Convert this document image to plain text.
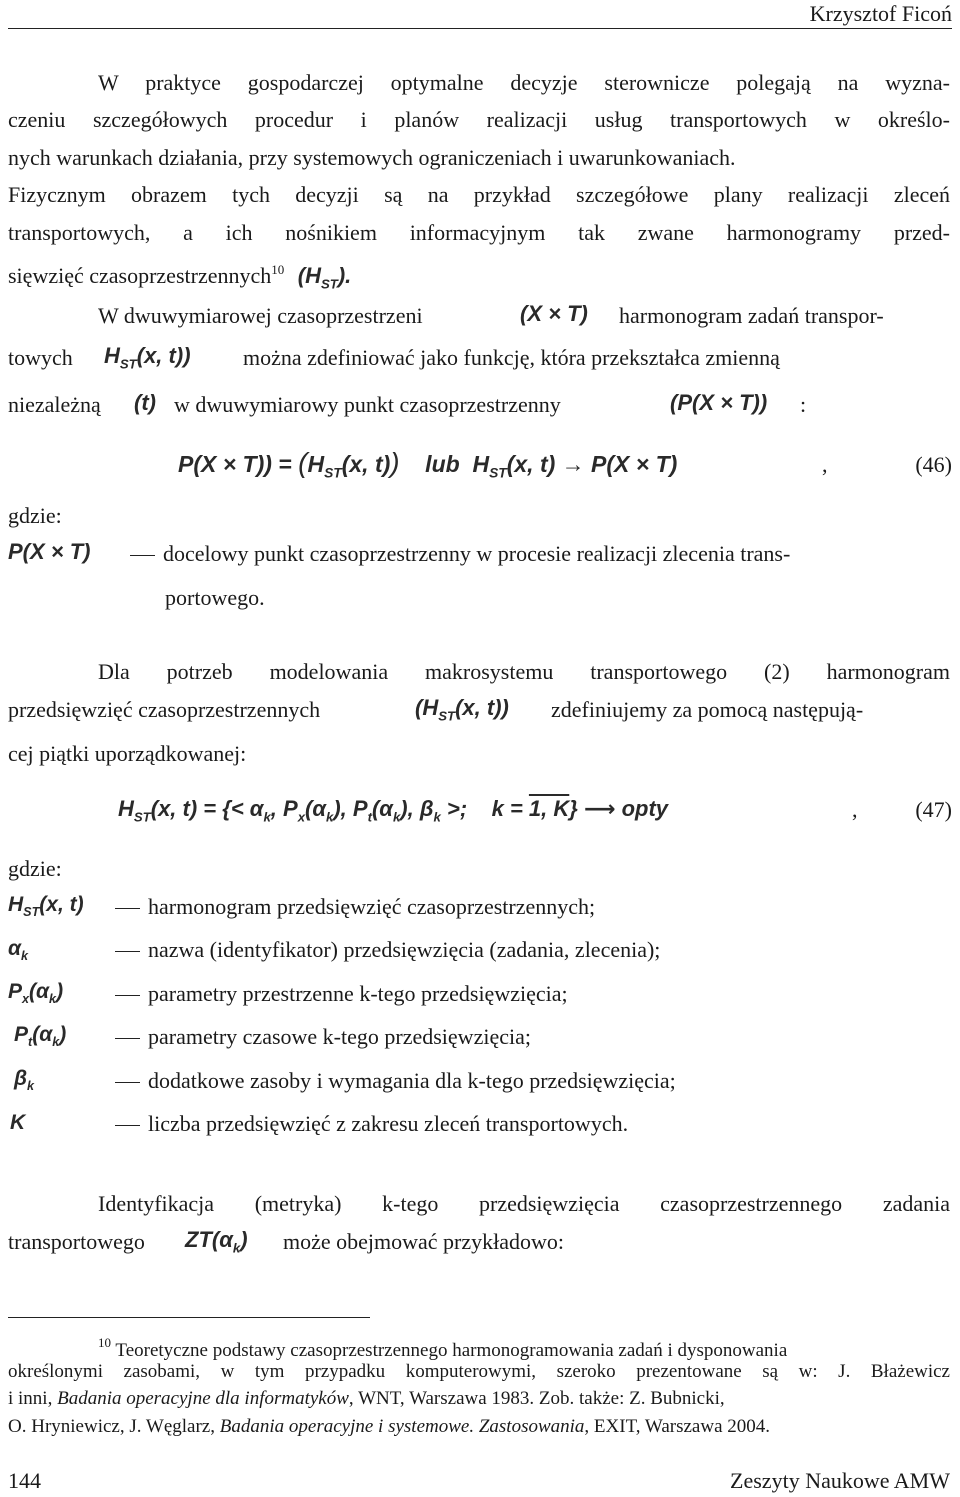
Krzysztof Ficoń
W praktyce gospodarczej optymalne decyzje sterownicze polegają na wyzna-
czeniu szczegółowych procedur i planów realizacji usług transportowych w określo-
nych warunkach działania, przy systemowych ograniczeniach i uwarunkowaniach.
Fizycznym obrazem tych decyzji są na przykład szczegółowe plany realizacji zleceń
transportowych, a ich nośnikiem informacyjnym tak zwane harmonogramy przed-
sięwzięć czasoprzestrzennych$^{10}$ $(H_{ST})$.
W dwuwymiarowej czasoprzestrzeni	(X × T) harmonogram zadań transpor-
towych $H_{ST}(x$, t)) można zdefiniować jako funkcję, która przekształca zmienną
niezależną (t) w dwuwymiarowy punkt czasoprzestrzenny	(P(X × T)) :
$P(X \times T)) = (H_{ST}(x$, t))    lub  $H_{ST}(x$, t) → P(X × T)	,	(46)
gdzie:
P(X × T)	docelowy punkt czasoprzestrzenny w procesie realizacji zlecenia trans-
portowego.
Dla potrzeb modelowania makrosystemu transportowego (2) harmonogram
przedsięwzięć czasoprzestrzennych	($H_{ST}(x$, t)) zdefiniujemy za pomocą następują-
cej piątki uporządkowanej:
$H_{ST}(x$, t) = {< $\alpha_k$, $P_x(\alpha_k)$, $P_t(\alpha_k)$, $\beta_k$ >;    k = 1, K} ⟶ opty	,	(47)
gdzie:
$H_{ST}(x$, t)	harmonogram przedsięwzięć czasoprzestrzennych;
$\alpha_k$	nazwa (identyfikator) przedsięwzięcia (zadania, zlecenia);
$P_x(\alpha_k)$	parametry przestrzenne k-tego przedsięwzięcia;
$P_t(\alpha_k)$	parametry czasowe k-tego przedsięwzięcia;
$\beta_k$	dodatkowe zasoby i wymagania dla k-tego przedsięwzięcia;
K	liczba przedsięwzięć z zakresu zleceń transportowych.
Identyfikacja (metryka) k-tego przedsięwzięcia czasoprzestrzennego zadania
transportowego $ZT(\alpha_k)$ może obejmować przykładowo:
$^{10}$ Teoretyczne podstawy czasoprzestrzennego harmonogramowania zadań i dysponowania
określonymi zasobami, w tym przypadku komputerowymi, szeroko prezentowane są w: J. Błażewicz
i inni, Badania operacyjne dla informatyków, WNT, Warszawa 1983. Zob. także: Z. Bubnicki,
O. Hryniewicz, J. Węglarz, Badania operacyjne i systemowe. Zastosowania, EXIT, Warszawa 2004.
144	Zeszyty Naukowe AMW
